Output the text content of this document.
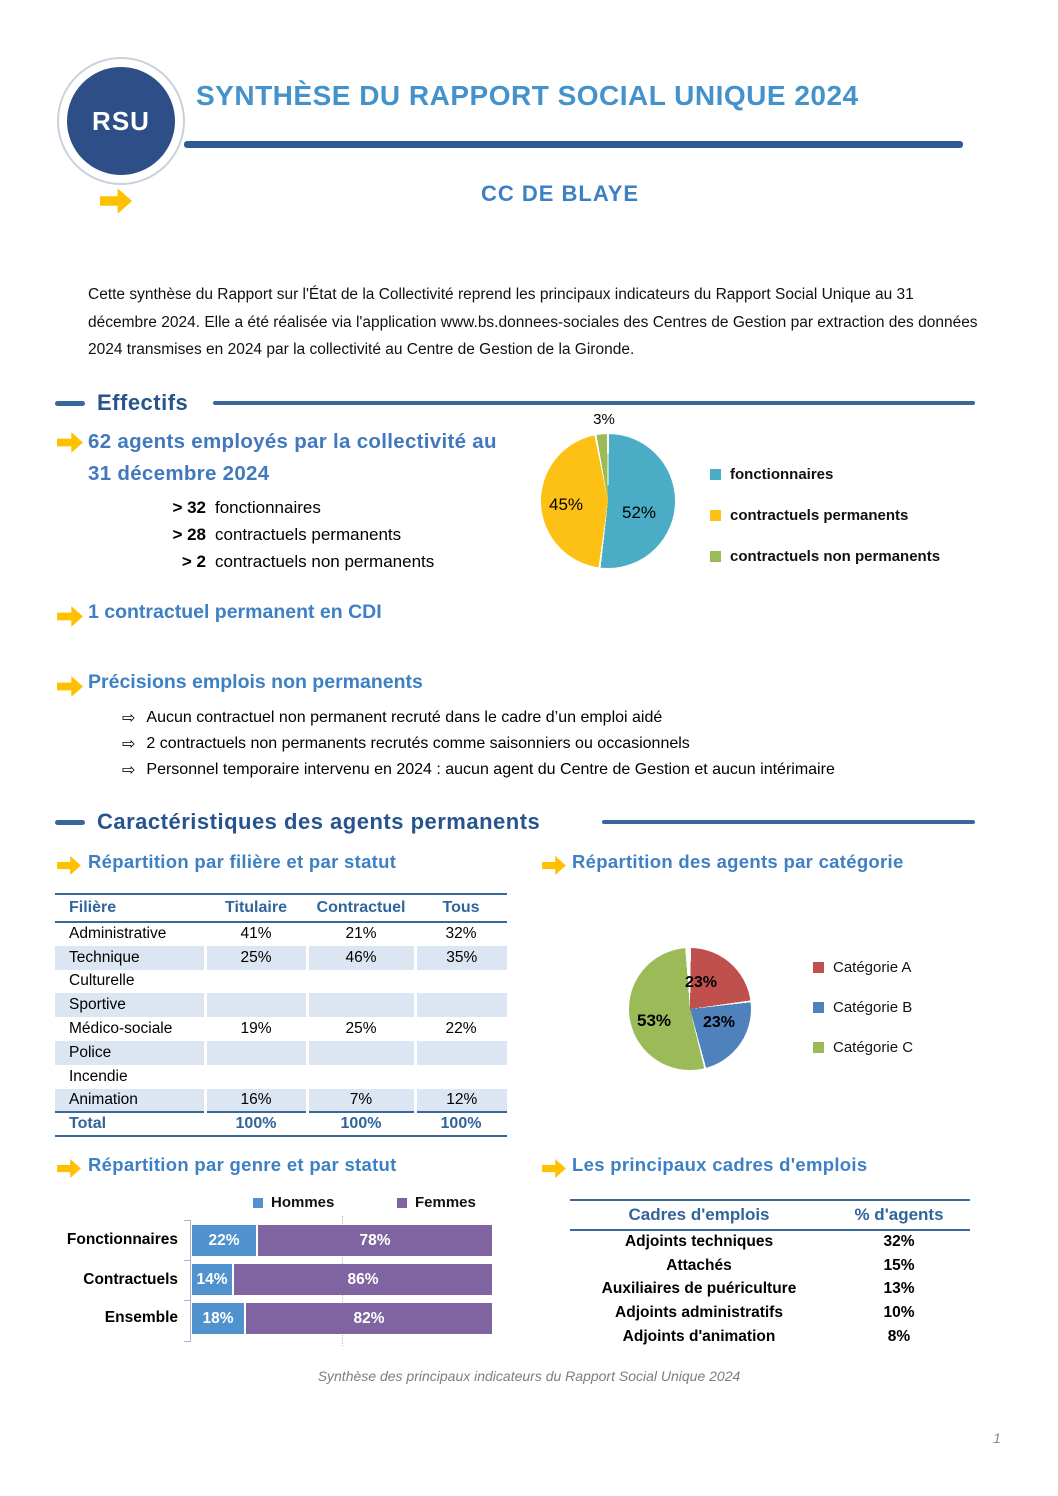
RSU
SYNTHÈSE DU RAPPORT SOCIAL UNIQUE 2024
CC DE BLAYE

Cette synthèse du Rapport sur l'État de la Collectivité reprend les principaux indicateurs du Rapport Social Unique au 31 décembre 2024. Elle a été réalisée via l'application www.bs.donnees-sociales des Centres de Gestion par extraction des données 2024 transmises en 2024 par la collectivité au Centre de Gestion de la Gironde.

Effectifs
62 agents employés par la collectivité au
31 décembre 2024
> 32 fonctionnaires
> 28 contractuels permanents
> 2 contractuels non permanents
3%
45% 52%
fonctionnaires
contractuels permanents
contractuels non permanents
1 contractuel permanent en CDI
Précisions emplois non permanents
⇨ Aucun contractuel non permanent recruté dans le cadre d’un emploi aidé
⇨ 2 contractuels non permanents recrutés comme saisonniers ou occasionnels
⇨ Personnel temporaire intervenu en 2024 : aucun agent du Centre de Gestion et aucun intérimaire
Caractéristiques des agents permanents
Répartition par filière et par statut
Filière	Titulaire	Contractuel	Tous
Administrative	41%	21%	32%
Technique	25%	46%	35%
Culturelle			
Sportive			
Médico-sociale	19%	25%	22%
Police			
Incendie			
Animation	16%	7%	12%
Total	100%	100%	100%
Répartition des agents par catégorie
23%
23%
53%
Catégorie A
Catégorie B
Catégorie C
Répartition par genre et par statut
Hommes	Femmes
Fonctionnaires
Contractuels
Ensemble
22%	78%
14%	86%
18%	82%
Les principaux cadres d'emplois
Cadres d'emplois	% d'agents
Adjoints techniques	32%
Attachés	15%
Auxiliaires de puériculture	13%
Adjoints administratifs	10%
Adjoints d'animation	8%
Synthèse des principaux indicateurs du Rapport Social Unique 2024
1
